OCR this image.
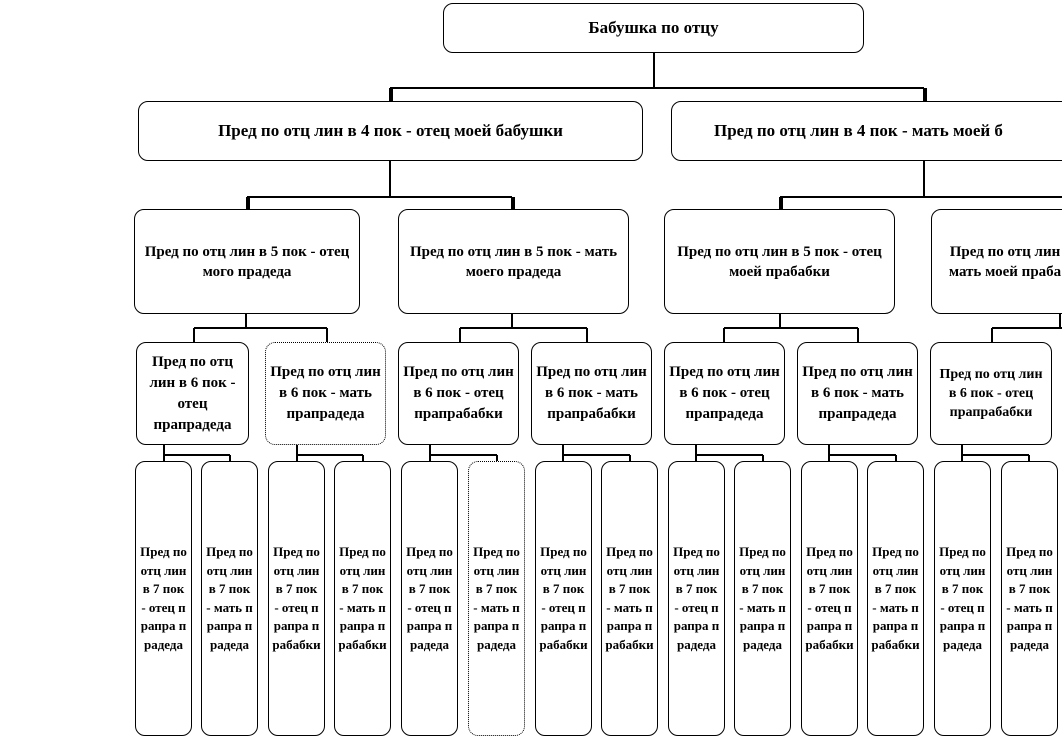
Бабушка по отцу
Пред по отц лин в 4 пок - отец моей бабушки	Пред по отц лин в 4 пок - мать моей б
Пред по отц лин в 5 пок - отец мого прадеда
Пред по отц лин в 5 пок - мать моего прадеда
Пред по отц лин в 5 пок - отец моей прабабки
Пред по отц лин мать моей праба
Пред по отц лин в 6 пок - отец прапрадеда
Пред по отц лин в 6 пок - мать прапрадеда
Пред по отц лин в 6 пок - отец прапрабабки
Пред по отц лин в 6 пок - мать прапрабабки
Пред по отц лин в 6 пок - отец прапрадеда
Пред по отц лин в 6 пок - мать прапрадеда
Пред по отц лин в 6 пок - отец прапрабабки
Пред по отц лин в 7 пок - отец прапра прадеда
Пред по отц лин в 7 пок - мать прапра прадеда
Пред по отц лин в 7 пок - отец прапра прабабки
Пред по отц лин в 7 пок - мать прапра прабабки
Пред по отц лин в 7 пок - отец прапра прадеда
Пред по отц лин в 7 пок - мать прапра прадеда
Пред по отц лин в 7 пок - отец прапра прабабки
Пред по отц лин в 7 пок - мать прапра прабабки
Пред по отц лин в 7 пок - отец прапра прадеда
Пред по отц лин в 7 пок - мать прапра прадеда
Пред по отц лин в 7 пок - отец прапра прабабки
Пред по отц лин в 7 пок - мать прапра прабабки
Пред по отц лин в 7 пок - отец прапра прадеда
Пред по отц лин в 7 пок - мать прапра прадеда
